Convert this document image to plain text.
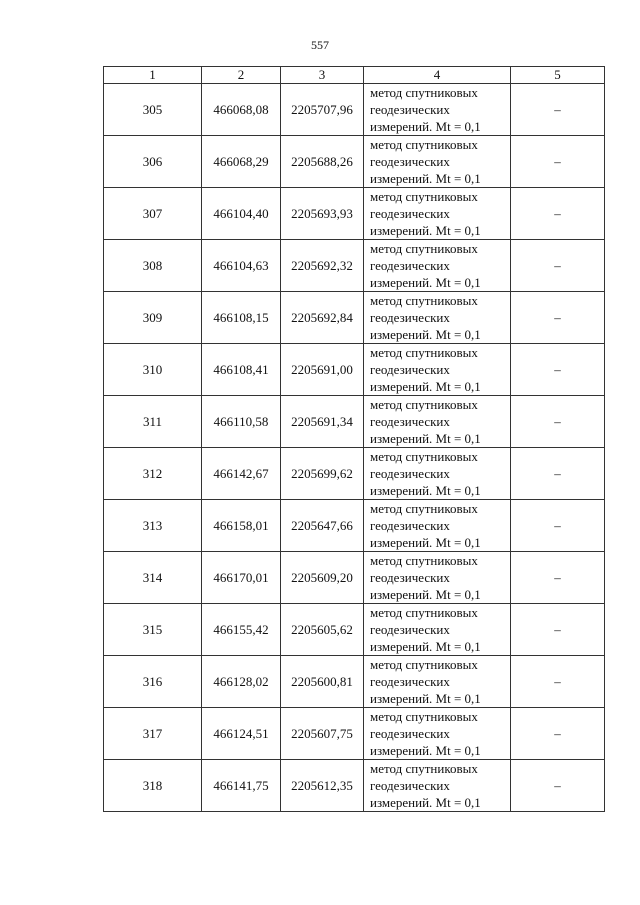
557
1	2	3	4	5
305	466068,08	2205707,96	метод спутниковых
геодезических
измерений. Mt = 0,1	–
306	466068,29	2205688,26	метод спутниковых
геодезических
измерений. Mt = 0,1	–
307	466104,40	2205693,93	метод спутниковых
геодезических
измерений. Mt = 0,1	–
308	466104,63	2205692,32	метод спутниковых
геодезических
измерений. Mt = 0,1	–
309	466108,15	2205692,84	метод спутниковых
геодезических
измерений. Mt = 0,1	–
310	466108,41	2205691,00	метод спутниковых
геодезических
измерений. Mt = 0,1	–
311	466110,58	2205691,34	метод спутниковых
геодезических
измерений. Mt = 0,1	–
312	466142,67	2205699,62	метод спутниковых
геодезических
измерений. Mt = 0,1	–
313	466158,01	2205647,66	метод спутниковых
геодезических
измерений. Mt = 0,1	–
314	466170,01	2205609,20	метод спутниковых
геодезических
измерений. Mt = 0,1	–
315	466155,42	2205605,62	метод спутниковых
геодезических
измерений. Mt = 0,1	–
316	466128,02	2205600,81	метод спутниковых
геодезических
измерений. Mt = 0,1	–
317	466124,51	2205607,75	метод спутниковых
геодезических
измерений. Mt = 0,1	–
318	466141,75	2205612,35	метод спутниковых
геодезических
измерений. Mt = 0,1	–
